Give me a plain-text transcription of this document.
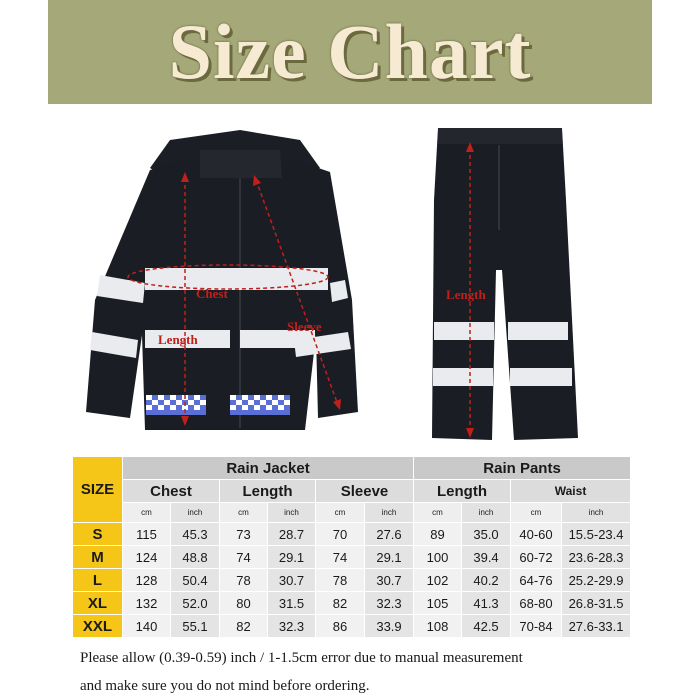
Size Chart
Chest
Length
Sleeve
Length
SIZE	Rain Jacket						Rain Pants			
	Chest		Length		Sleeve		Length		Waist	
	cm	inch	cm	inch	cm	inch	cm	inch	cm	inch
S	115	45.3	73	28.7	70	27.6	89	35.0	40-60	15.5-23.4
M	124	48.8	74	29.1	74	29.1	100	39.4	60-72	23.6-28.3
L	128	50.4	78	30.7	78	30.7	102	40.2	64-76	25.2-29.9
XL	132	52.0	80	31.5	82	32.3	105	41.3	68-80	26.8-31.5
XXL	140	55.1	82	32.3	86	33.9	108	42.5	70-84	27.6-33.1
Please allow (0.39-0.59) inch / 1-1.5cm error due to manual measurement
and make sure you do not mind before ordering.
